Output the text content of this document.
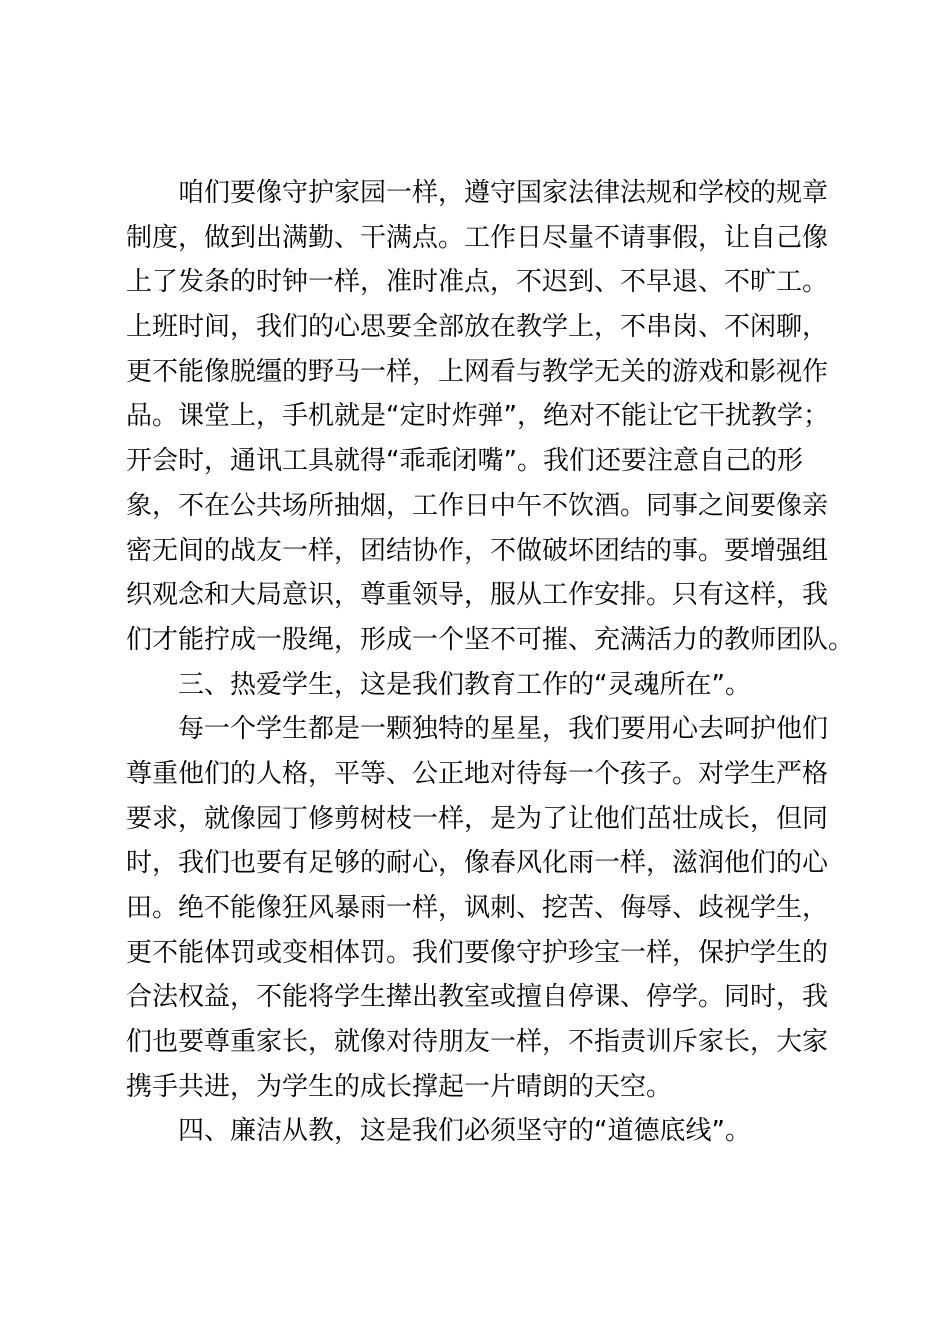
咱们要像守护家园一样，遵守国家法律法规和学校的规章
制度，做到出满勤、干满点。工作日尽量不请事假，让自己像
上了发条的时钟一样，准时准点，不迟到、不早退、不旷工。
上班时间，我们的心思要全部放在教学上，不串岗、不闲聊，
更不能像脱缰的野马一样，上网看与教学无关的游戏和影视作
品。课堂上，手机就是“定时炸弹”，绝对不能让它干扰教学；
开会时，通讯工具就得“乖乖闭嘴”。我们还要注意自己的形
象，不在公共场所抽烟，工作日中午不饮酒。同事之间要像亲
密无间的战友一样，团结协作，不做破坏团结的事。要增强组
织观念和大局意识，尊重领导，服从工作安排。只有这样，我
们才能拧成一股绳，形成一个坚不可摧、充满活力的教师团队。
三、热爱学生，这是我们教育工作的“灵魂所在”。
每一个学生都是一颗独特的星星，我们要用心去呵护他们
尊重他们的人格，平等、公正地对待每一个孩子。对学生严格
要求，就像园丁修剪树枝一样，是为了让他们茁壮成长，但同
时，我们也要有足够的耐心，像春风化雨一样，滋润他们的心
田。绝不能像狂风暴雨一样，讽刺、挖苦、侮辱、歧视学生，
更不能体罚或变相体罚。我们要像守护珍宝一样，保护学生的
合法权益，不能将学生撵出教室或擅自停课、停学。同时，我
们也要尊重家长，就像对待朋友一样，不指责训斥家长，大家
携手共进，为学生的成长撑起一片晴朗的天空。
四、廉洁从教，这是我们必须坚守的“道德底线”。
